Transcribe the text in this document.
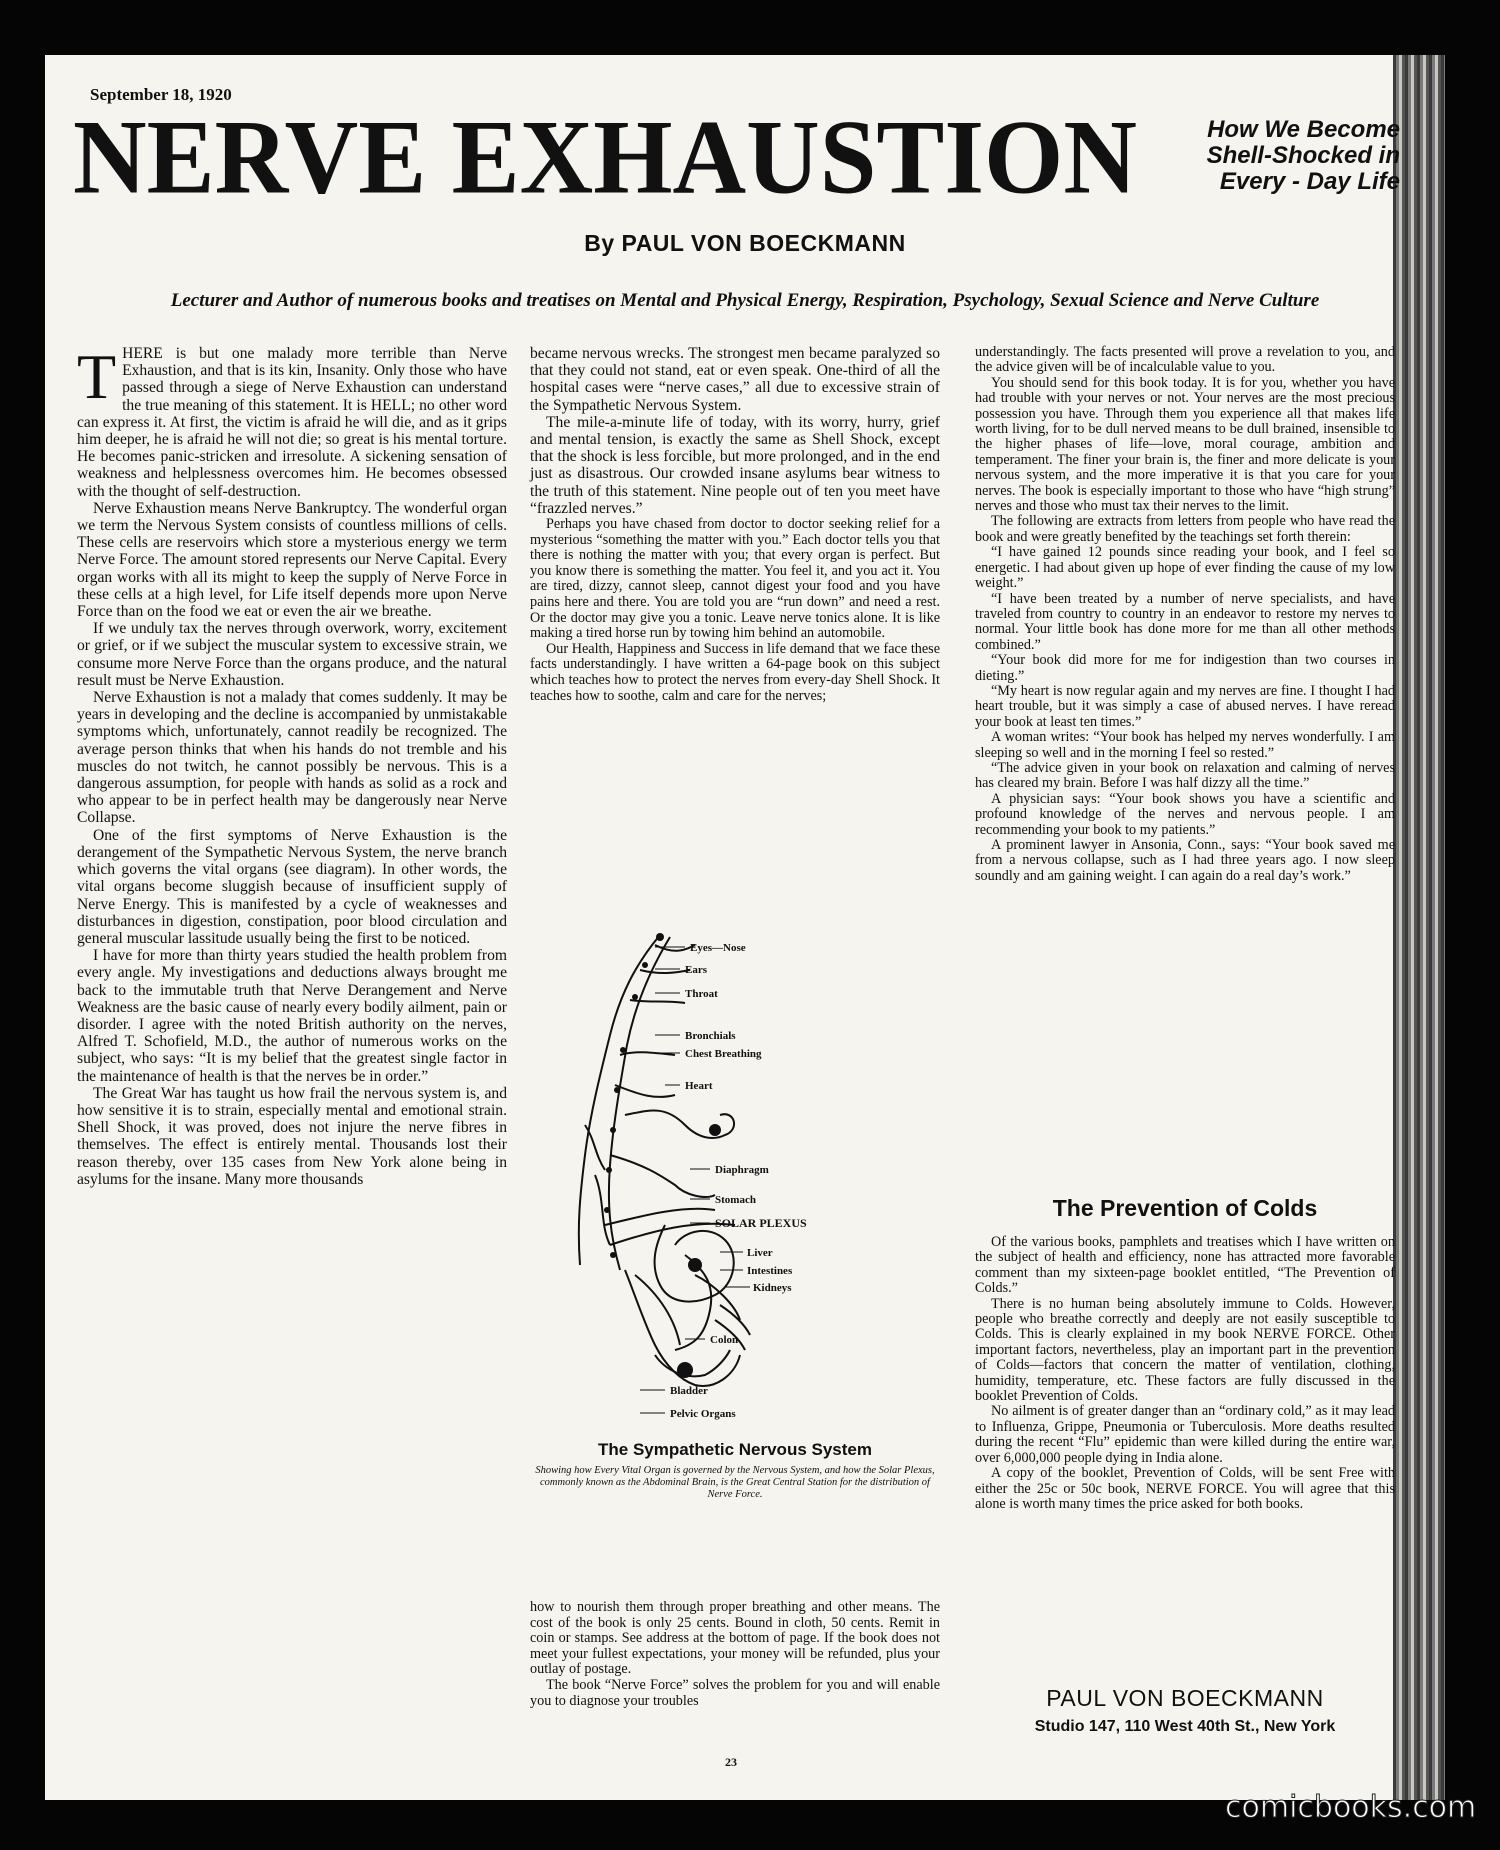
September 18, 1920
NERVE EXHAUSTION	How We Become
Shell-Shocked in
Every - Day Life
By PAUL VON BOECKMANN
Lecturer and Author of numerous books and treatises on Mental and Physical Energy, Respiration, Psychology, Sexual Science and Nerve Culture

THERE is but one malady more terrible than Nerve Exhaustion, and that is its kin, Insanity. Only those who have passed through a siege of Nerve Exhaustion can understand the true meaning of this statement. It is HELL; no other word can express it. At first, the victim is afraid he will die, and as it grips him deeper, he is afraid he will not die; so great is his mental torture. He becomes panic-stricken and irresolute. A sickening sensation of weakness and helplessness overcomes him. He becomes obsessed with the thought of self-destruction.

Nerve Exhaustion means Nerve Bankruptcy. The wonderful organ we term the Nervous System consists of countless millions of cells. These cells are reservoirs which store a mysterious energy we term Nerve Force. The amount stored represents our Nerve Capital. Every organ works with all its might to keep the supply of Nerve Force in these cells at a high level, for Life itself depends more upon Nerve Force than on the food we eat or even the air we breathe.

If we unduly tax the nerves through overwork, worry, excitement or grief, or if we subject the muscular system to excessive strain, we consume more Nerve Force than the organs produce, and the natural result must be Nerve Exhaustion.

Nerve Exhaustion is not a malady that comes suddenly. It may be years in developing and the decline is accompanied by unmistakable symptoms which, unfortunately, cannot readily be recognized. The average person thinks that when his hands do not tremble and his muscles do not twitch, he cannot possibly be nervous. This is a dangerous assumption, for people with hands as solid as a rock and who appear to be in perfect health may be dangerously near Nerve Collapse.

One of the first symptoms of Nerve Exhaustion is the derangement of the Sympathetic Nervous System, the nerve branch which governs the vital organs (see diagram). In other words, the vital organs become sluggish because of insufficient supply of Nerve Energy. This is manifested by a cycle of weaknesses and disturbances in digestion, constipation, poor blood circulation and general muscular lassitude usually being the first to be noticed.

I have for more than thirty years studied the health problem from every angle. My investigations and deductions always brought me back to the immutable truth that Nerve Derangement and Nerve Weakness are the basic cause of nearly every bodily ailment, pain or disorder. I agree with the noted British authority on the nerves, Alfred T. Schofield, M.D., the author of numerous works on the subject, who says: “It is my belief that the greatest single factor in the maintenance of health is that the nerves be in order.”

The Great War has taught us how frail the nervous system is, and how sensitive it is to strain, especially mental and emotional strain. Shell Shock, it was proved, does not injure the nerve fibres in themselves. The effect is entirely mental. Thousands lost their reason thereby, over 135 cases from New York alone being in asylums for the insane. Many more thousands

became nervous wrecks. The strongest men became paralyzed so that they could not stand, eat or even speak. One-third of all the hospital cases were “nerve cases,” all due to excessive strain of the Sympathetic Nervous System.

The mile-a-minute life of today, with its worry, hurry, grief and mental tension, is exactly the same as Shell Shock, except that the shock is less forcible, but more prolonged, and in the end just as disastrous. Our crowded insane asylums bear witness to the truth of this statement. Nine people out of ten you meet have “frazzled nerves.”

Perhaps you have chased from doctor to doctor seeking relief for a mysterious “something the matter with you.” Each doctor tells you that there is nothing the matter with you; that every organ is perfect. But you know there is something the matter. You feel it, and you act it. You are tired, dizzy, cannot sleep, cannot digest your food and you have pains here and there. You are told you are “run down” and need a rest. Or the doctor may give you a tonic. Leave nerve tonics alone. It is like making a tired horse run by towing him behind an automobile.

Our Health, Happiness and Success in life demand that we face these facts understandingly. I have written a 64-page book on this subject which teaches how to protect the nerves from every-day Shell Shock. It teaches how to soothe, calm and care for the nerves;

Eyes—Nose
Ears
Throat
Bronchials
Chest Breathing
Heart
Diaphragm
Stomach
SOLAR PLEXUS
Liver
Intestines
Kidneys
Colon
Bladder
Pelvic Organs
The Sympathetic Nervous System
Showing how Every Vital Organ is governed by the Nervous System, and how the Solar Plexus, commonly known as the Abdominal Brain, is the Great Central Station for the distribution of Nerve Force.

how to nourish them through proper breathing and other means. The cost of the book is only 25 cents. Bound in cloth, 50 cents. Remit in coin or stamps. See address at the bottom of page. If the book does not meet your fullest expectations, your money will be refunded, plus your outlay of postage.

The book “Nerve Force” solves the problem for you and will enable you to diagnose your troubles

understandingly. The facts presented will prove a revelation to you, and the advice given will be of incalculable value to you.

You should send for this book today. It is for you, whether you have had trouble with your nerves or not. Your nerves are the most precious possession you have. Through them you experience all that makes life worth living, for to be dull nerved means to be dull brained, insensible to the higher phases of life—love, moral courage, ambition and temperament. The finer your brain is, the finer and more delicate is your nervous system, and the more imperative it is that you care for your nerves. The book is especially important to those who have “high strung” nerves and those who must tax their nerves to the limit.

The following are extracts from letters from people who have read the book and were greatly benefited by the teachings set forth therein:

“I have gained 12 pounds since reading your book, and I feel so energetic. I had about given up hope of ever finding the cause of my low weight.”

“I have been treated by a number of nerve specialists, and have traveled from country to country in an endeavor to restore my nerves to normal. Your little book has done more for me than all other methods combined.”

“Your book did more for me for indigestion than two courses in dieting.”

“My heart is now regular again and my nerves are fine. I thought I had heart trouble, but it was simply a case of abused nerves. I have reread your book at least ten times.”

A woman writes: “Your book has helped my nerves wonderfully. I am sleeping so well and in the morning I feel so rested.”

“The advice given in your book on relaxation and calming of nerves has cleared my brain. Before I was half dizzy all the time.”

A physician says: “Your book shows you have a scientific and profound knowledge of the nerves and nervous people. I am recommending your book to my patients.”

A prominent lawyer in Ansonia, Conn., says: “Your book saved me from a nervous collapse, such as I had three years ago. I now sleep soundly and am gaining weight. I can again do a real day’s work.”

The Prevention of Colds

Of the various books, pamphlets and treatises which I have written on the subject of health and efficiency, none has attracted more favorable comment than my sixteen-page booklet entitled, “The Prevention of Colds.”

There is no human being absolutely immune to Colds. However, people who breathe correctly and deeply are not easily susceptible to Colds. This is clearly explained in my book NERVE FORCE. Other important factors, nevertheless, play an important part in the prevention of Colds—factors that concern the matter of ventilation, clothing, humidity, temperature, etc. These factors are fully discussed in the booklet Prevention of Colds.

No ailment is of greater danger than an “ordinary cold,” as it may lead to Influenza, Grippe, Pneumonia or Tuberculosis. More deaths resulted during the recent “Flu” epidemic than were killed during the entire war, over 6,000,000 people dying in India alone.

A copy of the booklet, Prevention of Colds, will be sent Free with either the 25c or 50c book, NERVE FORCE. You will agree that this alone is worth many times the price asked for both books.

PAUL VON BOECKMANN
Studio 147, 110 West 40th St., New York
23
comicbooks.com
